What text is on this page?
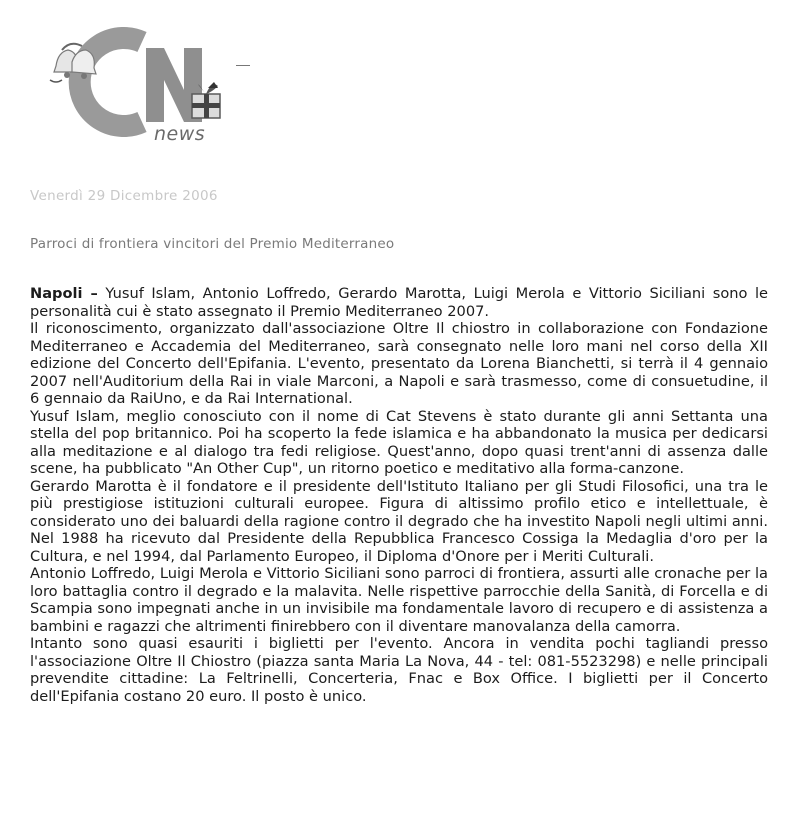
news
Venerdì 29 Dicembre 2006
Parroci di frontiera vincitori del Premio Mediterraneo

Napoli – Yusuf Islam, Antonio Loffredo, Gerardo Marotta, Luigi Merola e Vittorio Siciliani sono le personalità cui è stato assegnato il Premio Mediterraneo 2007.

Il riconoscimento, organizzato dall'associazione Oltre Il chiostro in collaborazione con Fondazione Mediterraneo e Accademia del Mediterraneo, sarà consegnato nelle loro mani nel corso della XII edizione del Concerto dell'Epifania. L'evento, presentato da Lorena Bianchetti, si terrà il 4 gennaio 2007 nell'Auditorium della Rai in viale Marconi, a Napoli e sarà trasmesso, come di consuetudine, il 6 gennaio da RaiUno, e da Rai International.

Yusuf Islam, meglio conosciuto con il nome di Cat Stevens è stato durante gli anni Settanta una stella del pop britannico. Poi ha scoperto la fede islamica e ha abbandonato la musica per dedicarsi alla meditazione e al dialogo tra fedi religiose. Quest'anno, dopo quasi trent'anni di assenza dalle scene, ha pubblicato "An Other Cup", un ritorno poetico e meditativo alla forma-canzone.

Gerardo Marotta è il fondatore e il presidente dell'Istituto Italiano per gli Studi Filosofici, una tra le più prestigiose istituzioni culturali europee. Figura di altissimo profilo etico e intellettuale, è considerato uno dei baluardi della ragione contro il degrado che ha investito Napoli negli ultimi anni. Nel 1988 ha ricevuto dal Presidente della Repubblica Francesco Cossiga la Medaglia d'oro per la Cultura, e nel 1994, dal Parlamento Europeo, il Diploma d'Onore per i Meriti Culturali.

Antonio Loffredo, Luigi Merola e Vittorio Siciliani sono parroci di frontiera, assurti alle cronache per la loro battaglia contro il degrado e la malavita. Nelle rispettive parrocchie della Sanità, di Forcella e di Scampia sono impegnati anche in un invisibile ma fondamentale lavoro di recupero e di assistenza a bambini e ragazzi che altrimenti finirebbero con il diventare manovalanza della camorra.

Intanto sono quasi esauriti i biglietti per l'evento. Ancora in vendita pochi tagliandi presso l'associazione Oltre Il Chiostro (piazza santa Maria La Nova, 44 - tel: 081-5523298) e nelle principali prevendite cittadine: La Feltrinelli, Concerteria, Fnac e Box Office. I biglietti per il Concerto dell'Epifania costano 20 euro. Il posto è unico.
